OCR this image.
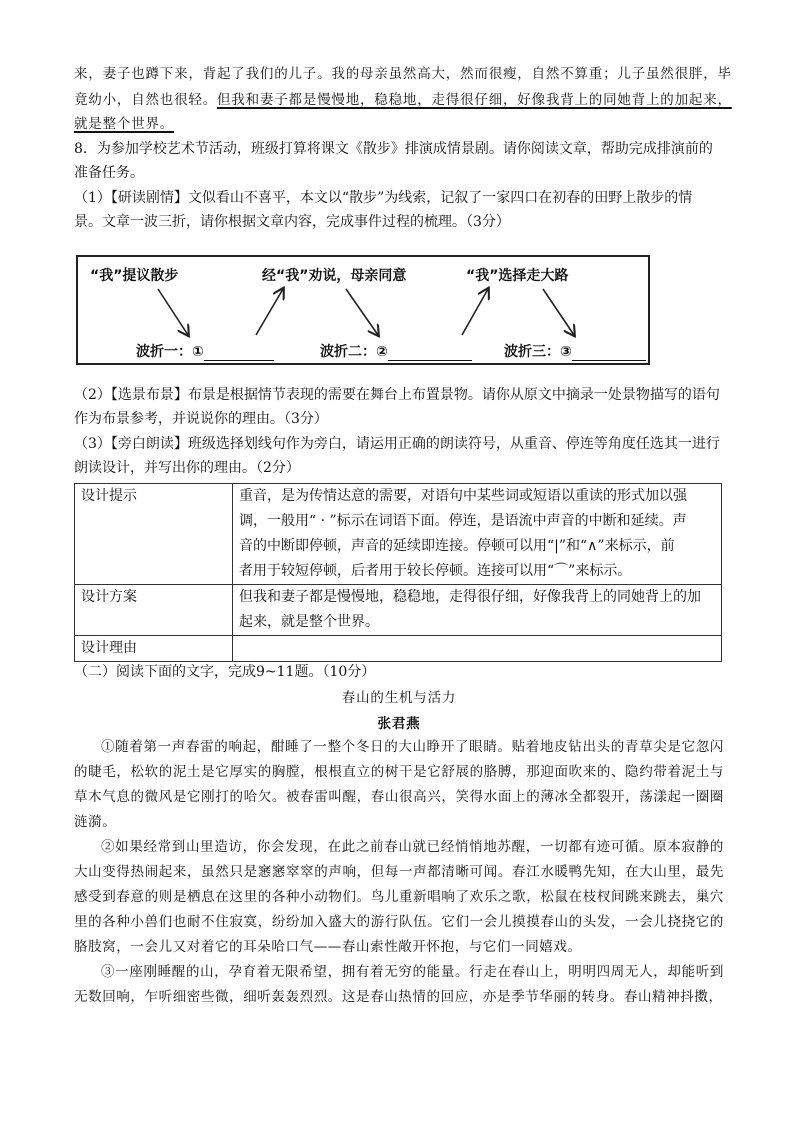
来，妻子也蹲下来，背起了我们的儿子。我的母亲虽然高大，然而很瘦，自然不算重；儿子虽然很胖，毕
竟幼小，自然也很轻。但我和妻子都是慢慢地，稳稳地，走得很仔细，好像我背上的同她背上的加起来，
就是整个世界。
8．为参加学校艺术节活动，班级打算将课文《散步》排演成情景剧。请你阅读文章，帮助完成排演前的
准备任务。
（1）【研读剧情】文似看山不喜平，本文以“散步”为线索，记叙了一家四口在初春的田野上散步的情
景。文章一波三折，请你根据文章内容，完成事件过程的梳理。（3分）
“我”提议散步	经“我”劝说，母亲同意	“我”选择走大路
波折一：①	波折二：②	波折三：③
（2）【选景布景】布景是根据情节表现的需要在舞台上布置景物。请你从原文中摘录一处景物描写的语句
作为布景参考，并说说你的理由。（3分）
（3）【旁白朗读】班级选择划线句作为旁白，请运用正确的朗读符号，从重音、停连等角度任选其一进行
朗读设计，并写出你的理由。（2分）
设计提示	重音，是为传情达意的需要，对语句中某些词或短语以重读的形式加以强
调，一般用“ · ”标示在词语下面。停连，是语流中声音的中断和延续。声
音的中断即停顿，声音的延续即连接。停顿可以用“|”和“∧”来标示，前
者用于较短停顿，后者用于较长停顿。连接可以用“⌒”来标示。

设计方案	但我和妻子都是慢慢地，稳稳地，走得很仔细，好像我背上的同她背上的加
起来，就是整个世界。

设计理由	
（二）阅读下面的文字，完成9~11题。（10分）
春山的生机与活力
张君燕

①随着第一声春雷的响起，酣睡了一整个冬日的大山睁开了眼睛。贴着地皮钻出头的青草尖是它忽闪的睫毛，松软的泥土是它厚实的胸膛，根根直立的树干是它舒展的胳膊，那迎面吹来的、隐约带着泥土与草木气息的微风是它刚打的哈欠。被春雷叫醒，春山很高兴，笑得水面上的薄冰全都裂开，荡漾起一圈圈涟漪。

②如果经常到山里造访，你会发现，在此之前春山就已经悄悄地苏醒，一切都有迹可循。原本寂静的大山变得热闹起来，虽然只是窸窸窣窣的声响，但每一声都清晰可闻。春江水暖鸭先知，在大山里，最先感受到春意的则是栖息在这里的各种小动物们。鸟儿重新唱响了欢乐之歌，松鼠在枝杈间跳来跳去，巢穴里的各种小兽们也耐不住寂寞，纷纷加入盛大的游行队伍。它们一会儿摸摸春山的头发，一会儿挠挠它的胳肢窝，一会儿又对着它的耳朵哈口气——春山索性敞开怀抱，与它们一同嬉戏。

③一座刚睡醒的山，孕育着无限希望，拥有着无穷的能量。行走在春山上，明明四周无人，却能听到无数回响，乍听细密些微，细听轰轰烈烈。这是春山热情的回应，亦是季节华丽的转身。春山精神抖擞，
